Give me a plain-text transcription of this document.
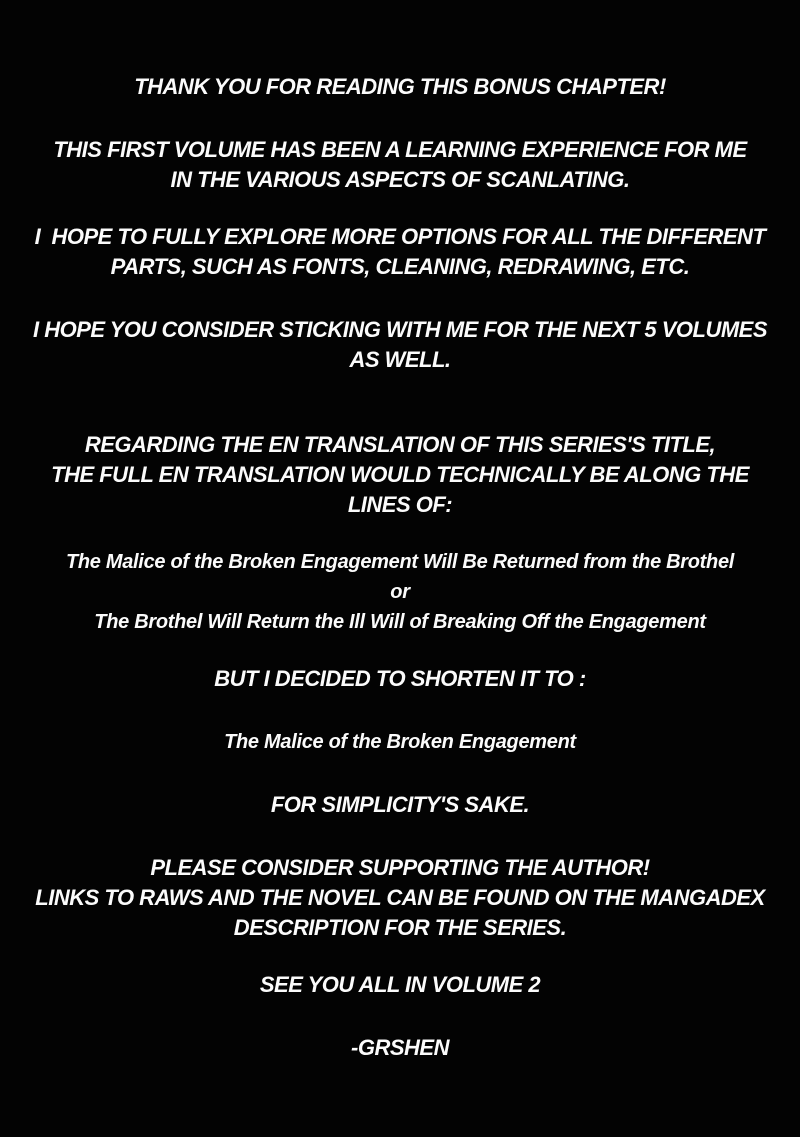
THANK YOU FOR READING THIS BONUS CHAPTER!
THIS FIRST VOLUME HAS BEEN A LEARNING EXPERIENCE FOR ME
IN THE VARIOUS ASPECTS OF SCANLATING.
I  HOPE TO FULLY EXPLORE MORE OPTIONS FOR ALL THE DIFFERENT
PARTS, SUCH AS FONTS, CLEANING, REDRAWING, ETC.
I HOPE YOU CONSIDER STICKING WITH ME FOR THE NEXT 5 VOLUMES
AS WELL.
REGARDING THE EN TRANSLATION OF THIS SERIES'S TITLE,
THE FULL EN TRANSLATION WOULD TECHNICALLY BE ALONG THE
LINES OF:
The Malice of the Broken Engagement Will Be Returned from the Brothel
or
The Brothel Will Return the Ill Will of Breaking Off the Engagement
BUT I DECIDED TO SHORTEN IT TO :
The Malice of the Broken Engagement
FOR SIMPLICITY'S SAKE.
PLEASE CONSIDER SUPPORTING THE AUTHOR!
LINKS TO RAWS AND THE NOVEL CAN BE FOUND ON THE MANGADEX
DESCRIPTION FOR THE SERIES.
SEE YOU ALL IN VOLUME 2
-GRSHEN
